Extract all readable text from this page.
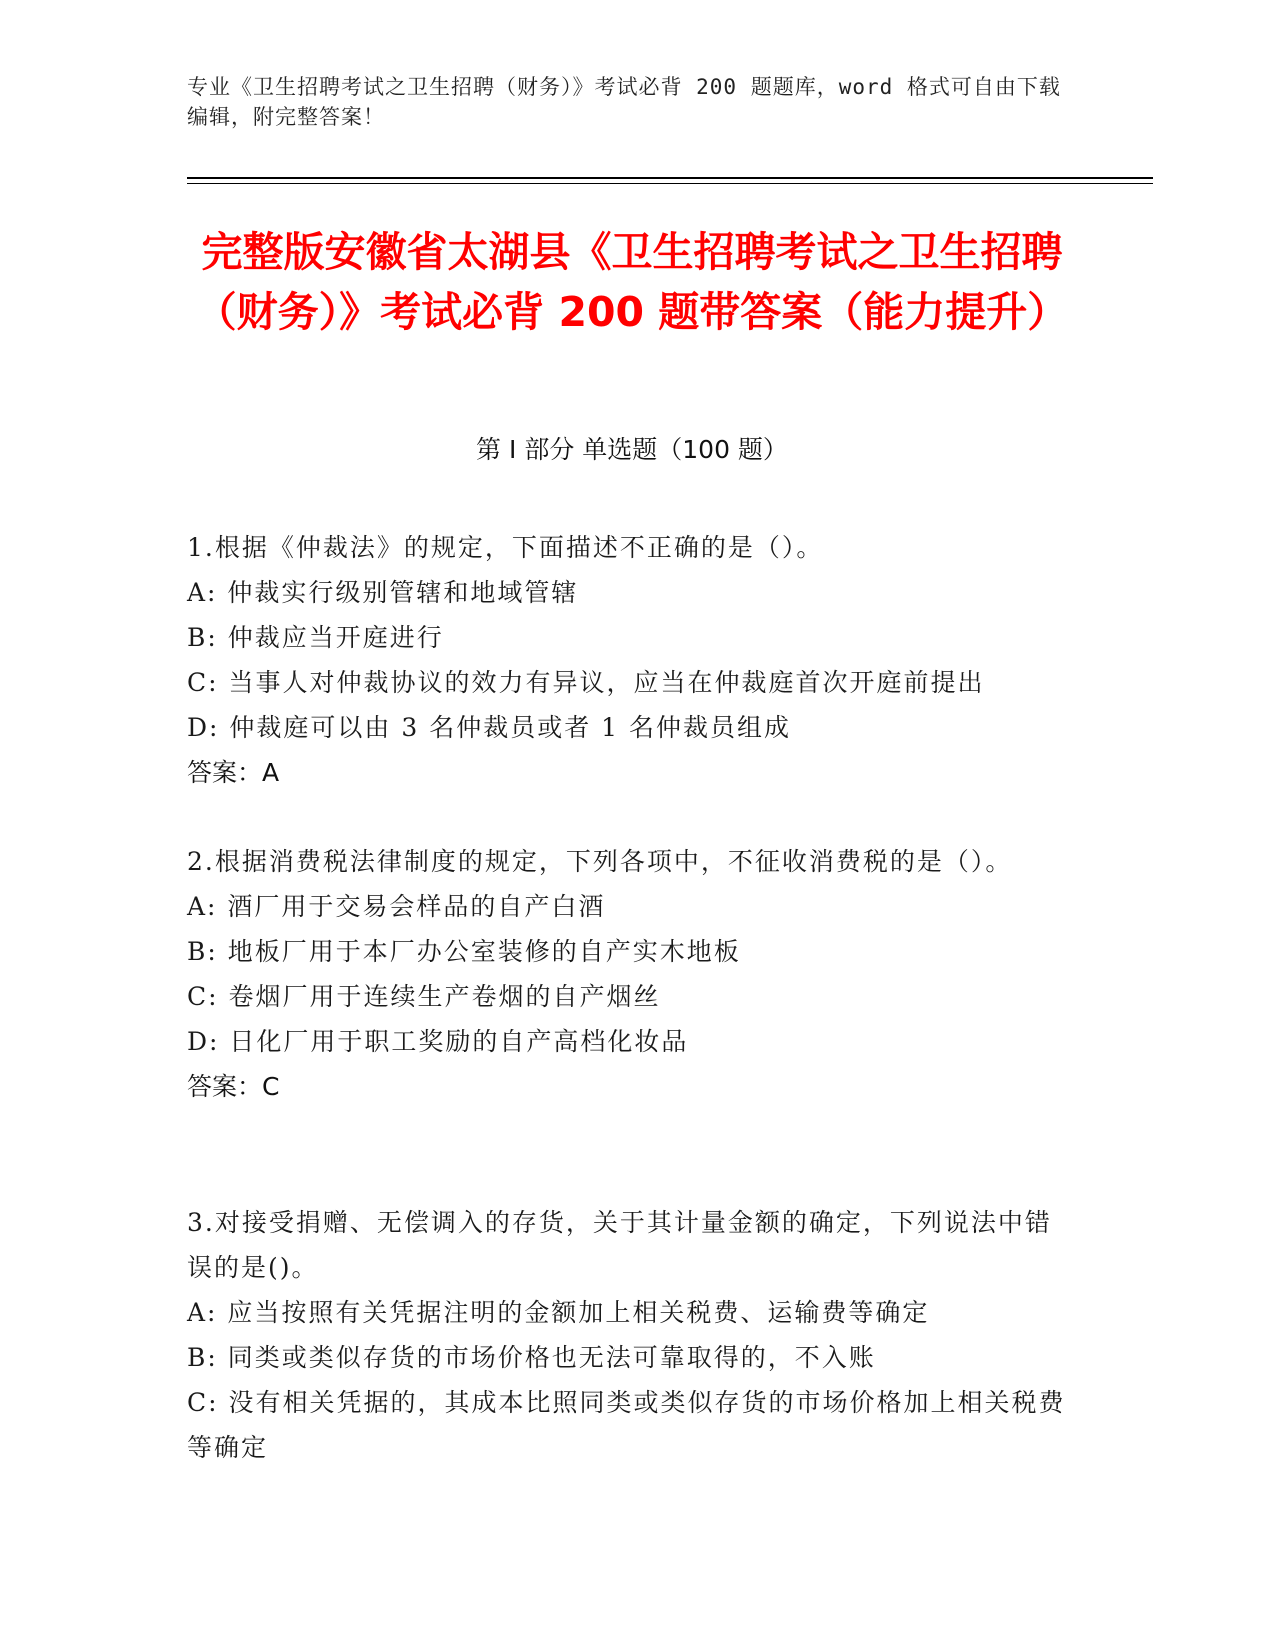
专业《卫生招聘考试之卫生招聘（财务）》考试必背 200 题题库，word 格式可自由下载编辑，附完整答案！
完整版安徽省太湖县《卫生招聘考试之卫生招聘（财务）》考试必背 200 题带答案（能力提升）
第 I 部分 单选题（100 题）
1.根据《仲裁法》的规定，下面描述不正确的是（）。
A: 仲裁实行级别管辖和地域管辖
B: 仲裁应当开庭进行
C: 当事人对仲裁协议的效力有异议，应当在仲裁庭首次开庭前提出
D: 仲裁庭可以由 3 名仲裁员或者 1 名仲裁员组成
答案：A
2.根据消费税法律制度的规定，下列各项中，不征收消费税的是（）。
A: 酒厂用于交易会样品的自产白酒
B: 地板厂用于本厂办公室装修的自产实木地板
C: 卷烟厂用于连续生产卷烟的自产烟丝
D: 日化厂用于职工奖励的自产高档化妆品
答案：C
3.对接受捐赠、无偿调入的存货，关于其计量金额的确定，下列说法中错误的是()。
A: 应当按照有关凭据注明的金额加上相关税费、运输费等确定
B: 同类或类似存货的市场价格也无法可靠取得的，不入账
C: 没有相关凭据的，其成本比照同类或类似存货的市场价格加上相关税费等确定
